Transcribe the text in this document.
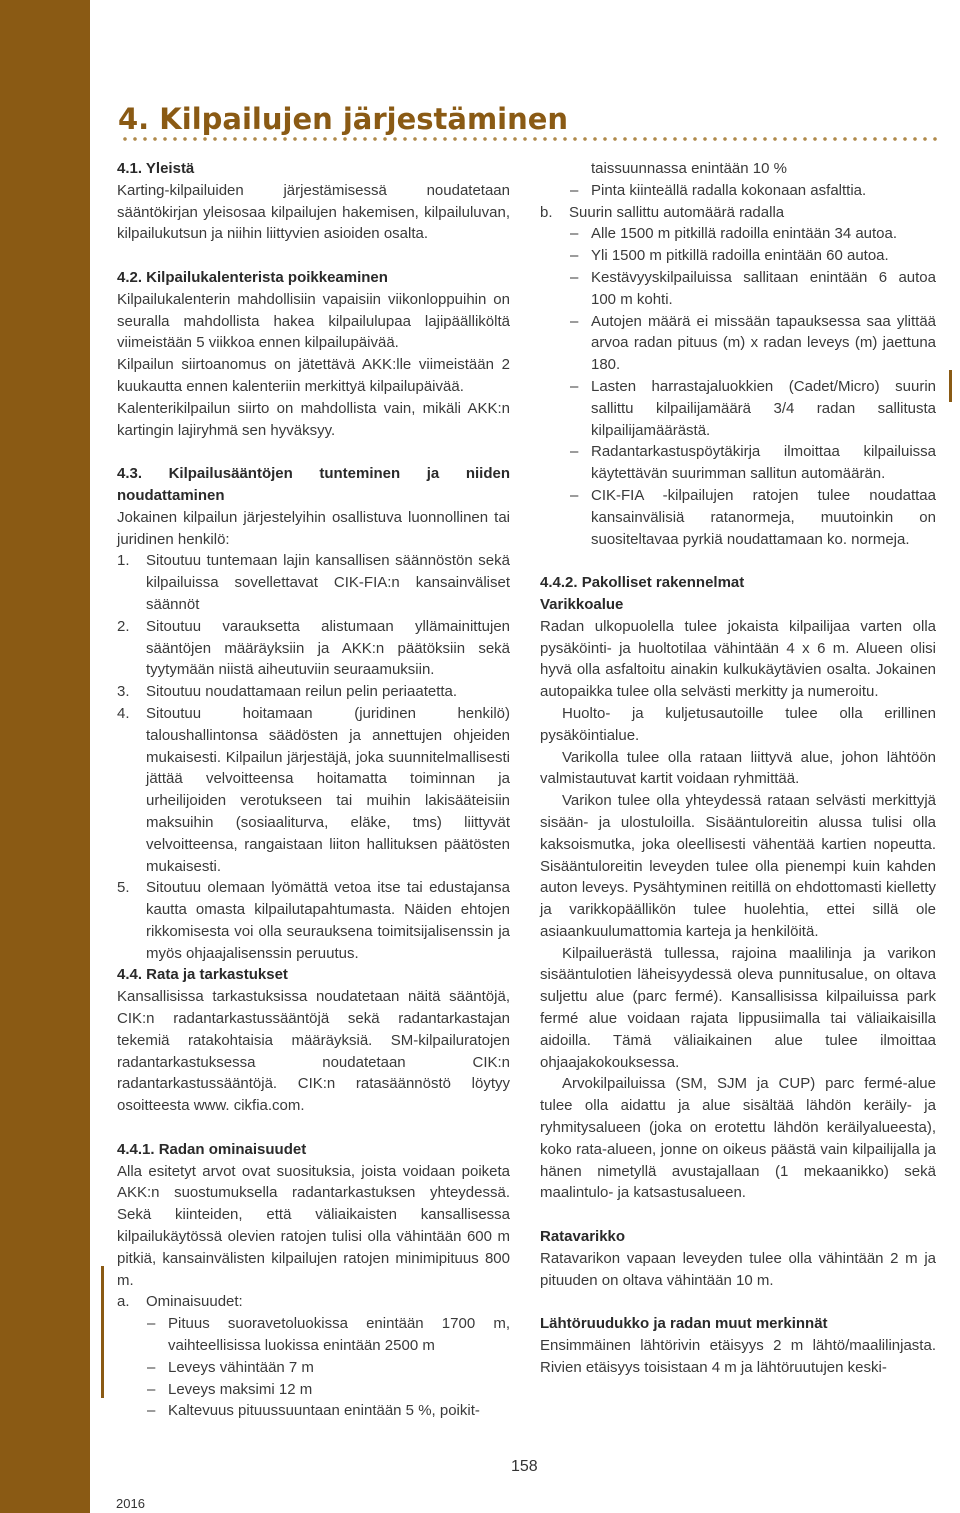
4. Kilpailujen järjestäminen

4.1. Yleistä

Karting-kilpailuiden järjestämisessä noudatetaan sääntökirjan yleisosaa kilpailujen hakemisen, kilpailuluvan, kilpailukutsun ja niihin liittyvien asioiden osalta.

4.2. Kilpailukalenterista poikkeaminen

Kilpailukalenterin mahdollisiin vapaisiin viikonloppuihin on seuralla mahdollista hakea kilpailulupaa lajipäälliköltä viimeistään 5 viikkoa ennen kilpailupäivää.

Kilpailun siirtoanomus on jätettävä AKK:lle viimeistään 2 kuukautta ennen kalenteriin merkittyä kilpailupäivää.

Kalenterikilpailun siirto on mahdollista vain, mikäli AKK:n kartingin lajiryhmä sen hyväksyy.

4.3. Kilpailusääntöjen tunteminen ja niiden noudattaminen

Jokainen kilpailun järjestelyihin osallistuva luonnollinen tai juridinen henkilö:

1.	Sitoutuu tuntemaan lajin kansallisen säännöstön sekä kilpailuissa sovellettavat CIK-FIA:n kansainväliset säännöt
2.	Sitoutuu varauksetta alistumaan yllämainittujen sääntöjen määräyksiin ja AKK:n päätöksiin sekä tyytymään niistä aiheutuviin seuraamuksiin.
3.	Sitoutuu noudattamaan reilun pelin periaatetta.
4.	Sitoutuu hoitamaan (juridinen henkilö) taloushallintonsa säädösten ja annettujen ohjeiden mukaisesti. Kilpailun järjestäjä, joka suunnitelmallisesti jättää velvoitteensa hoitamatta toiminnan ja urheilijoiden verotukseen tai muihin lakisääteisiin maksuihin (sosiaaliturva, eläke, tms) liittyvät velvoitteensa, rangaistaan liiton hallituksen päätösten mukaisesti.
5.	Sitoutuu olemaan lyömättä vetoa itse tai edustajansa kautta omasta kilpailutapahtumasta. Näiden ehtojen rikkomisesta voi olla seurauksena toimitsijalisenssin ja myös ohjaajalisenssin peruutus.

4.4. Rata ja tarkastukset

Kansallisissa tarkastuksissa noudatetaan näitä sääntöjä, CIK:n radantarkastussääntöjä sekä radantarkastajan tekemiä ratakohtaisia määräyksiä. SM-kilpailuratojen radantarkastuksessa noudatetaan CIK:n radantarkastussääntöjä. CIK:n ratasäännöstö löytyy osoitteesta www. cikfia.com.

4.4.1. Radan ominaisuudet

Alla esitetyt arvot ovat suosituksia, joista voidaan poiketa AKK:n suostumuksella radantarkastuksen yhteydessä. Sekä kiinteiden, että väliaikaisten kansallisessa kilpailukäytössä olevien ratojen tulisi olla vähintään 600 m pitkiä, kansainvälisten kilpailujen ratojen minimipituus 800 m.

a.	Ominaisuudet:
– Pituus suoravetoluokissa enintään 1700 m, vaihteellisissa luokissa enintään 2500 m
– Leveys vähintään 7 m
– Leveys maksimi 12 m
– Kaltevuus pituussuuntaan enintään 5 %, poikit-

taissuunnassa enintään 10 %

– Pinta kiinteällä radalla kokonaan asfalttia.
b.	Suurin sallittu automäärä radalla
– Alle 1500 m pitkillä radoilla enintään 34 autoa.
– Yli 1500 m pitkillä radoilla enintään 60 autoa.
– Kestävyyskilpailuissa sallitaan enintään 6 autoa 100 m kohti.
– Autojen määrä ei missään tapauksessa saa ylittää arvoa radan pituus (m) x radan leveys (m) jaettuna 180.
– Lasten harrastajaluokkien (Cadet/Micro) suurin sallittu kilpailijamäärä 3/4 radan sallitusta kilpailijamäärästä.
– Radantarkastuspöytäkirja ilmoittaa kilpailuissa käytettävän suurimman sallitun automäärän.
– CIK-FIA -kilpailujen ratojen tulee noudattaa kansainvälisiä ratanormeja, muutoinkin on suositeltavaa pyrkiä noudattamaan ko. normeja.

4.4.2. Pakolliset rakennelmat

Varikkoalue

Radan ulkopuolella tulee jokaista kilpailijaa varten olla pysäköinti- ja huoltotilaa vähintään 4 x 6 m. Alueen olisi hyvä olla asfaltoitu ainakin kulkukäytävien osalta. Jokainen autopaikka tulee olla selvästi merkitty ja numeroitu.

Huolto- ja kuljetusautoille tulee olla erillinen pysäköintialue.

Varikolla tulee olla rataan liittyvä alue, johon lähtöön valmistautuvat kartit voidaan ryhmittää.

Varikon tulee olla yhteydessä rataan selvästi merkittyjä sisään- ja ulostuloilla. Sisääntuloreitin alussa tulisi olla kaksoismutka, joka oleellisesti vähentää kartien nopeutta. Sisääntuloreitin leveyden tulee olla pienempi kuin kahden auton leveys. Pysähtyminen reitillä on ehdottomasti kielletty ja varikkopäällikön tulee huolehtia, ettei sillä ole asiaankuulumattomia karteja ja henkilöitä.

Kilpailuerästä tullessa, rajoina maalilinja ja varikon sisääntulotien läheisyydessä oleva punnitusalue, on oltava suljettu alue (parc fermé). Kansallisissa kilpailuissa park fermé alue voidaan rajata lippusiimalla tai väliaikaisilla aidoilla. Tämä väliaikainen alue tulee ilmoittaa ohjaajakokouksessa.

Arvokilpailuissa (SM, SJM ja CUP) parc fermé-alue tulee olla aidattu ja alue sisältää lähdön keräily- ja ryhmitysalueen (joka on erotettu lähdön keräilyalueesta), koko rata-alueen, jonne on oikeus päästä vain kilpailijalla ja hänen nimetyllä avustajallaan (1 mekaanikko) sekä maalintulo- ja katsastusalueen.

Ratavarikko

Ratavarikon vapaan leveyden tulee olla vähintään 2 m ja pituuden on oltava vähintään 10 m.

Lähtöruudukko ja radan muut merkinnät

Ensimmäinen lähtörivin etäisyys 2 m lähtö/maalilinjasta. Rivien etäisyys toisistaan 4 m ja lähtöruutujen keski-

158
2016
